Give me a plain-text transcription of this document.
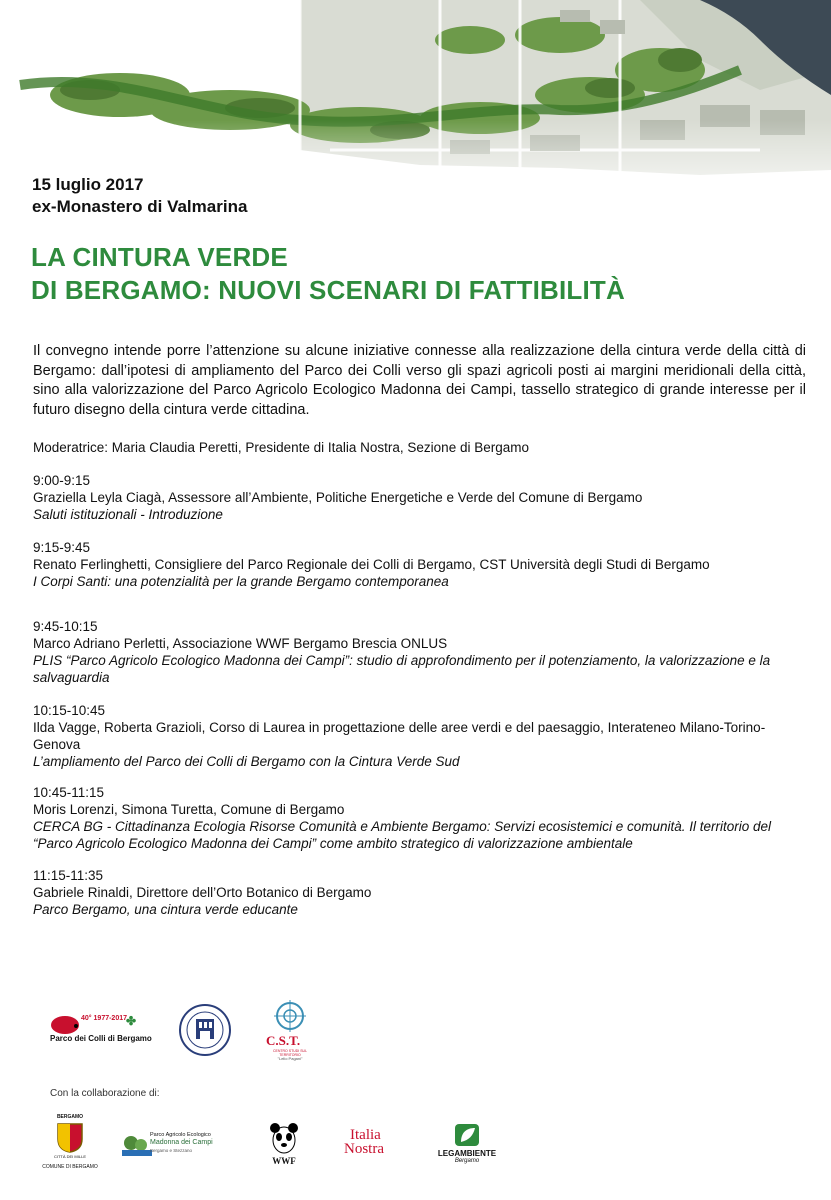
15 luglio 2017
ex-Monastero di Valmarina
LA CINTURA VERDE
DI BERGAMO: NUOVI SCENARI DI FATTIBILITÀ

Il convegno intende porre l’attenzione su alcune iniziative connesse alla realizzazione della cintura verde della città di Bergamo: dall’ipotesi di ampliamento del Parco dei Colli verso gli spazi agricoli posti ai margini meridionali della città, sino alla valorizzazione del Parco Agricolo Ecologico Madonna dei Campi, tassello strategico di grande interesse per il futuro disegno della cintura verde cittadina.

Moderatrice: Maria Claudia Peretti, Presidente di Italia Nostra, Sezione di Bergamo
9:00-9:15
Graziella Leyla Ciagà, Assessore all’Ambiente, Politiche Energetiche e Verde del Comune di Bergamo
Saluti istituzionali - Introduzione
9:15-9:45
Renato Ferlinghetti, Consigliere del Parco Regionale dei Colli di Bergamo, CST Università degli Studi di Bergamo
I Corpi Santi: una potenzialità per la grande Bergamo contemporanea
9:45-10:15
Marco Adriano Perletti, Associazione WWF Bergamo Brescia ONLUS
PLIS “Parco Agricolo Ecologico Madonna dei Campi”: studio di approfondimento per il potenziamento, la valorizzazione e la salvaguardia
10:15-10:45
Ilda Vagge, Roberta Grazioli, Corso di Laurea in progettazione delle aree verdi e del paesaggio, Interateneo Milano-Torino-Genova
L’ampliamento del Parco dei Colli di Bergamo con la Cintura Verde Sud
10:45-11:15
Moris Lorenzi, Simona Turetta, Comune di Bergamo
CERCA BG - Cittadinanza Ecologia Risorse Comunità e Ambiente Bergamo: Servizi ecosistemici e comunità. Il territorio del “Parco Agricolo Ecologico Madonna dei Campi” come ambito strategico di valorizzazione ambientale
11:15-11:35
Gabriele Rinaldi, Direttore dell’Orto Botanico di Bergamo
Parco Bergamo, una cintura verde educante
40° 1977-2017
✤
Parco dei Colli di Bergamo	C.S.T.
CENTRO STUDI SUL TERRITORIO
"Lelio Pagani"
Con la collaborazione di:
BERGAMO
CITTÀ DEI MILLE
COMUNE DI BERGAMO
Parco Agricolo Ecologico
Madonna dei Campi
Bergamo e Stezzano
WWF
Italia
Nostra	LEGAMBIENTE
Bergamo
